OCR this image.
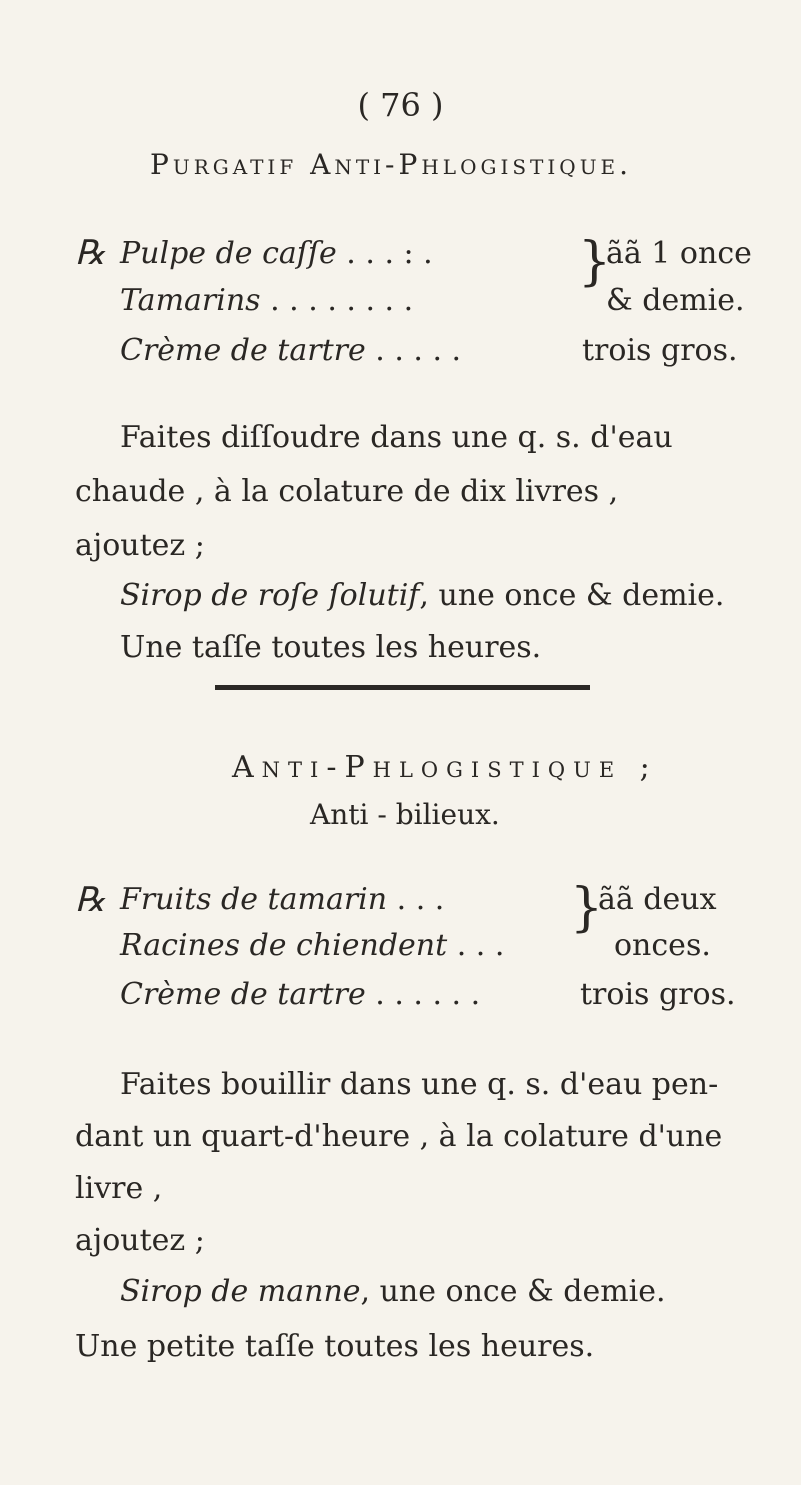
( 76 )
Purgatif Anti-Phlogistique.
℞ Pulpe de caſſe . . . : .
Tamarins . . . . . . . .
}
ãã 1 once
& demie.
Crème de tartre . . . . .	trois gros.
Faites diſſoudre dans une q. s. d'eau
chaude , à la colature de dix livres ,
ajoutez ;
Sirop de roſe ſolutif, une once & demie.
Une taſſe toutes les heures.
Anti-Phlogistique ;
Anti - bilieux.
℞ Fruits de tamarin . . .
Racines de chiendent . . .
}
ãã deux
onces.
Crème de tartre . . . . . .	trois gros.
Faites bouillir dans une q. s. d'eau pen-
dant un quart-d'heure , à la colature d'une
livre ,
ajoutez ;
Sirop de manne, une once & demie.
Une petite taſſe toutes les heures.
